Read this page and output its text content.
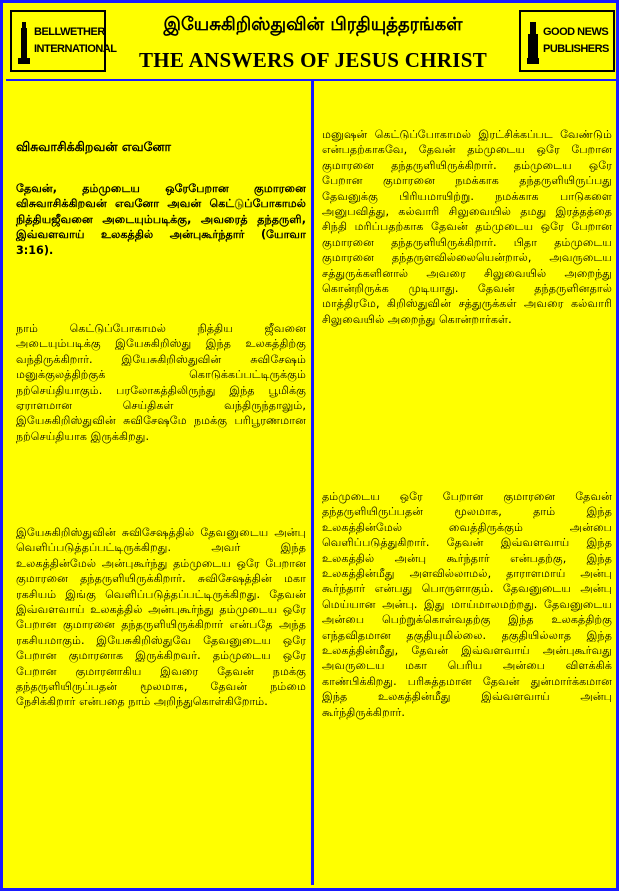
BELLWETHER
INTERNATIONAL
இயேசுகிறிஸ்துவின் பிரதியுத்தரங்கள்
THE ANSWERS OF JESUS CHRIST
GOOD NEWS
PUBLISHERS
விசுவாசிக்கிறவன் எவனோ
தேவன், தம்முடைய ஒரேபேறான குமாரனை விசுவாசிக்கிறவன் எவனோ அவன் கெட்டுப்போகாமல் நித்தியஜீவனை அடையும்படிக்கு, அவரைத் தந்தருளி, இவ்வளவாய் உலகத்தில் அன்புகூர்ந்தார் (யோவா 3:16).
நாம் கெட்டுப்போகாமல் நித்திய ஜீவனை அடையும்படிக்கு இயேசுகிறிஸ்து இந்த உலகத்திற்கு வந்திருக்கிறார். இயேசுகிறிஸ்துவின் சுவிசேஷம் மனுக்குலத்திற்குக் கொடுக்கப்பட்டிருக்கும் நற்செய்தியாகும். பரலோகத்திலிருந்து இந்த பூமிக்கு ஏராளமான செய்திகள் வந்திருந்தாலும், இயேசுகிறிஸ்துவின் சுவிசேஷமே நமக்கு பரிபூரணமான நற்செய்தியாக இருக்கிறது.
இயேசுகிறிஸ்துவின் சுவிசேஷத்தில் தேவனுடைய அன்பு வெளிப்படுத்தப்பட்டிருக்கிறது. அவர் இந்த உலகத்தின்மேல் அன்புகூர்ந்து தம்முடைய ஒரே பேறான குமாரனை தந்தருளியிருக்கிறார். சுவிசேஷத்தின் மகா ரகசியம் இங்கு வெளிப்படுத்தப்பட்டிருக்கிறது. தேவன் இவ்வளவாய் உலகத்தில் அன்புகூர்ந்து தம்முடைய ஒரே பேறான குமாரனை தந்தருளியிருக்கிறார் என்பதே அந்த ரகசியமாகும். இயேசுகிறிஸ்துவே தேவனுடைய ஒரே பேறான குமாரனாக இருக்கிறவர். தம்முடைய ஒரே பேறான குமாரனாகிய இவரை தேவன் நமக்கு தந்தருளியிருப்பதன் மூலமாக, தேவன் நம்மை நேசிக்கிறார் என்பதை நாம் அறிந்துகொள்கிறோம்.
மனுஷன் கெட்டுப்போகாமல் இரட்சிக்கப்பட வேண்டும் என்பதற்காகவே, தேவன் தம்முடைய ஒரே பேறான குமாரனை தந்தருளியிருக்கிறார். தம்முடைய ஒரே பேறான குமாரனை நமக்காக தந்தருளியிருப்பது தேவனுக்கு பிரியமாயிற்று. நமக்காக பாடுகளை அனுபவித்து, கல்வாரி சிலுவையில் தமது இரத்தத்தை சிந்தி மரிப்பதற்காக தேவன் தம்முடைய ஒரே பேறான குமாரனை தந்தருளியிருக்கிறார். பிதா தம்முடைய குமாரனை தந்தருளவில்லையென்றால், அவருடைய சத்துருக்களினால் அவரை சிலுவையில் அறைந்து கொன்றிருக்க முடியாது. தேவன் தந்தருளினதால் மாத்திரமே, கிறிஸ்துவின் சத்துருக்கள் அவரை கல்வாரி சிலுவையில் அறைந்து கொன்றார்கள்.
தம்முடைய ஒரே பேறான குமாரனை தேவன் தந்தருளியிருப்பதன் மூலமாக, தாம் இந்த உலகத்தின்மேல் வைத்திருக்கும் அன்பை வெளிப்படுத்துகிறார். தேவன் இவ்வளவாய் இந்த உலகத்தில் அன்பு கூர்ந்தார் என்பதற்கு, இந்த உலகத்தின்மீது அளவில்லாமல், தாராளமாய் அன்பு கூர்ந்தார் என்பது பொருளாகும். தேவனுடைய அன்பு மெய்யான அன்பு. இது மாய்மாலமற்றது. தேவனுடைய அன்பை பெற்றுக்கொள்வதற்கு இந்த உலகத்திற்கு எந்தவிதமான தகுதியுமில்லை. தகுதியில்லாத இந்த உலகத்தின்மீது, தேவன் இவ்வளவாய் அன்புகூர்வது அவருடைய மகா பெரிய அன்பை விளக்கிக் காண்பிக்கிறது. பரிசுத்தமான தேவன் துன்மார்க்கமான இந்த உலகத்தின்மீது இவ்வளவாய் அன்பு கூர்ந்திருக்கிறார்.
